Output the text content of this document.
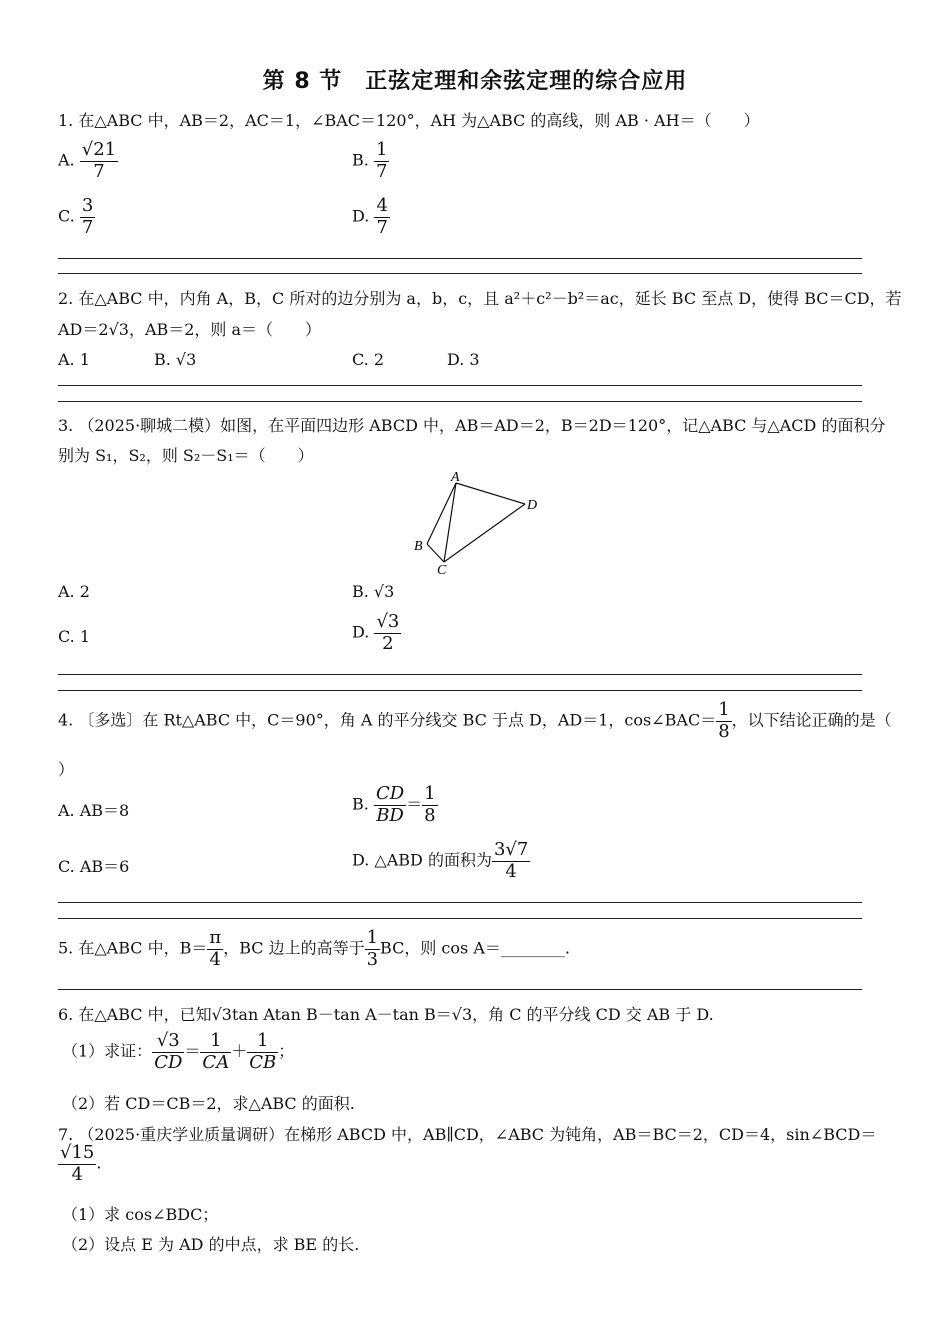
第 8 节　正弦定理和余弦定理的综合应用
1. 在△ABC 中，AB＝2，AC＝1，∠BAC＝120°，AH 为△ABC 的高线，则 AB · AH＝（　　）
A. $\frac{√21}{7}$	B. $\frac{1}{7}$
C. $\frac{3}{7}$	D. $\frac{4}{7}$
2. 在△ABC 中，内角 A，B，C 所对的边分别为 a，b，c，且 a²＋c²－b²＝ac，延长 BC 至点 D，使得 BC＝CD，若
AD＝2√3，AB＝2，则 a＝（　　）
A. 1	B. √3	C. 2	D. 3
3. （2025·聊城二模）如图，在平面四边形 ABCD 中，AB＝AD＝2，B＝2D＝120°，记△ABC 与△ACD 的面积分
别为 S₁，S₂，则 S₂－S₁＝（　　）
A
D
B
C
A. 2	B. √3
C. 1	D. $\frac{√3}{2}$
4. 〔多选〕在 Rt△ABC 中，C＝90°，角 A 的平分线交 BC 于点 D，AD＝1，cos∠BAC＝ $\frac{1}{8}$ ，以下结论正确的是（
）
A. AB＝8	B. $\frac{CD}{BD} = \frac{1}{8}$
C. AB＝6	D. △ABD 的面积为 $\frac{3√7}{4}$
5. 在△ABC 中，$B= \frac{\pi}{4}$ ，BC 边上的高等于 $\frac{1}{3}$ BC，则 cos A＝________.
6. 在△ABC 中，已知√3tan Atan B－tan A－tan B＝√3，角 C 的平分线 CD 交 AB 于 D.
（1）求证： $\frac{√3}{CD} = \frac{1}{CA} + \frac{1}{CB}$ ；
（2）若 CD＝CB＝2，求△ABC 的面积.
7. （2025·重庆学业质量调研）在梯形 ABCD 中，AB∥CD，∠ABC 为钝角，AB＝BC＝2，CD＝4，sin∠BCD＝
$\frac{√15}{4}$ .
（1）求 cos∠BDC；
（2）设点 E 为 AD 的中点，求 BE 的长.
